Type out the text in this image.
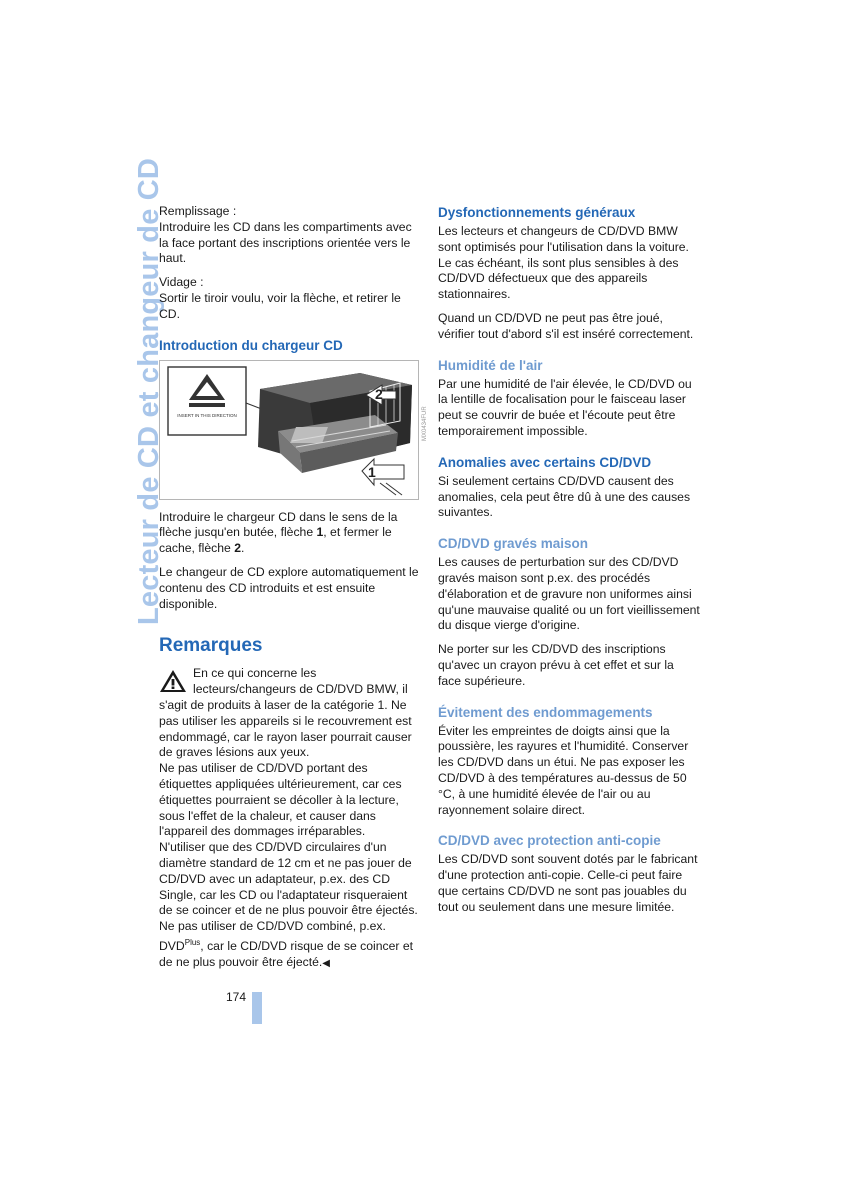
Lecteur de CD et changeur de CD

Remplissage :
Introduire les CD dans les compartiments avec la face portant des inscriptions orientée vers le haut.

Vidage :
Sortir le tiroir voulu, voir la flèche, et retirer le CD.

Introduction du chargeur CD
INSERT IN THIS DIRECTION
2
1
MX0434FUR

Introduire le chargeur CD dans le sens de la flèche jusqu'en butée, flèche 1, et fermer le cache, flèche 2.

Le changeur de CD explore automatiquement le contenu des CD introduits et est ensuite disponible.

Remarques

En ce qui concerne les lecteurs/changeurs de CD/DVD BMW, il s'agit de produits à laser de la catégorie 1. Ne pas utiliser les appareils si le recouvrement est endommagé, car le rayon laser pourrait causer de graves lésions aux yeux.

Ne pas utiliser de CD/DVD portant des étiquettes appliquées ultérieurement, car ces étiquettes pourraient se décoller à la lecture, sous l'effet de la chaleur, et causer dans l'appareil des dommages irréparables.

N'utiliser que des CD/DVD circulaires d'un diamètre standard de 12 cm et ne pas jouer de CD/DVD avec un adaptateur, p.ex. des CD Single, car les CD ou l'adaptateur risqueraient de se coincer et de ne plus pouvoir être éjectés.

Ne pas utiliser de CD/DVD combiné, p.ex. $DVD^{Plus}$, car le CD/DVD risque de se coincer et de ne plus pouvoir être éjecté.◀

Dysfonctionnements généraux

Les lecteurs et changeurs de CD/DVD BMW sont optimisés pour l'utilisation dans la voiture. Le cas échéant, ils sont plus sensibles à des CD/DVD défectueux que des appareils stationnaires.

Quand un CD/DVD ne peut pas être joué, vérifier tout d'abord s'il est inséré correctement.

Humidité de l'air

Par une humidité de l'air élevée, le CD/DVD ou la lentille de focalisation pour le faisceau laser peut se couvrir de buée et l'écoute peut être temporairement impossible.

Anomalies avec certains CD/DVD

Si seulement certains CD/DVD causent des anomalies, cela peut être dû à une des causes suivantes.

CD/DVD gravés maison

Les causes de perturbation sur des CD/DVD gravés maison sont p.ex. des procédés d'élaboration et de gravure non uniformes ainsi qu'une mauvaise qualité ou un fort vieillissement du disque vierge d'origine.

Ne porter sur les CD/DVD des inscriptions qu'avec un crayon prévu à cet effet et sur la face supérieure.

Évitement des endommagements

Éviter les empreintes de doigts ainsi que la poussière, les rayures et l'humidité. Conserver les CD/DVD dans un étui. Ne pas exposer les CD/DVD à des températures au-dessus de 50 °C, à une humidité élevée de l'air ou au rayonnement solaire direct.

CD/DVD avec protection anti-copie

Les CD/DVD sont souvent dotés par le fabricant d'une protection anti-copie. Celle-ci peut faire que certains CD/DVD ne sont pas jouables du tout ou seulement dans une mesure limitée.

174
